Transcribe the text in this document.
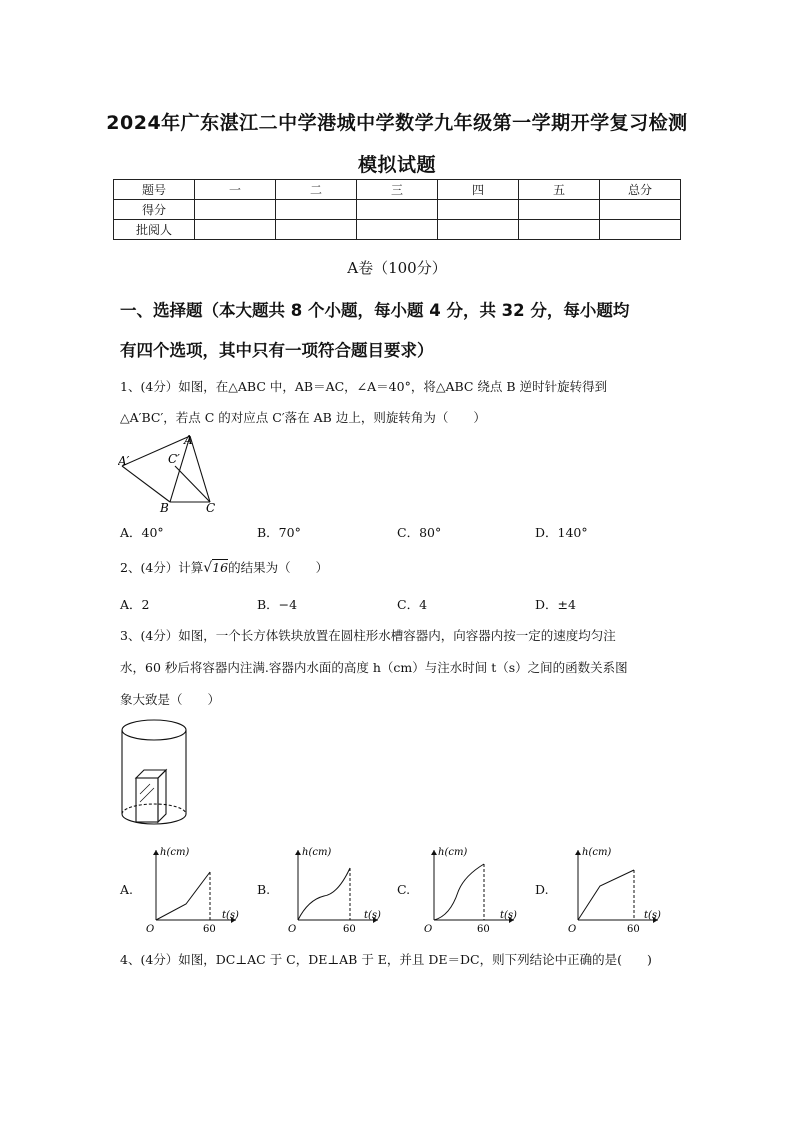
2024年广东湛江二中学港城中学数学九年级第一学期开学复习检测
模拟试题
题号	一	二	三	四	五	总分
得分						
批阅人						
A卷（100分）
一、选择题（本大题共 8 个小题，每小题 4 分，共 32 分，每小题均
有四个选项，其中只有一项符合题目要求）
1、(4分）如图，在△ABC 中，AB＝AC，∠A＝40°，将△ABC 绕点 B 逆时针旋转得到
△A′BC′，若点 C 的对应点 C′落在 AB 边上，则旋转角为（　　）
A
A′	C′
B	C
A．40°	B．70°	C．80°	D．140°
2、(4分）计算√16的结果为（　　）
A．2	B．−4	C．4	D．±4
3、(4分）如图，一个长方体铁块放置在圆柱形水槽容器内，向容器内按一定的速度均匀注
水，60 秒后将容器内注满.容器内水面的高度 h（cm）与注水时间 t（s）之间的函数关系图
象大致是（　　）
A.
h(cm)
t(s)
O	60
B.
h(cm)
t(s)
O	60
C.
h(cm)
t(s)
O	60
D.
h(cm)
t(s)
O	60
4、(4分）如图，DC⊥AC 于 C，DE⊥AB 于 E，并且 DE＝DC，则下列结论中正确的是(　　)
